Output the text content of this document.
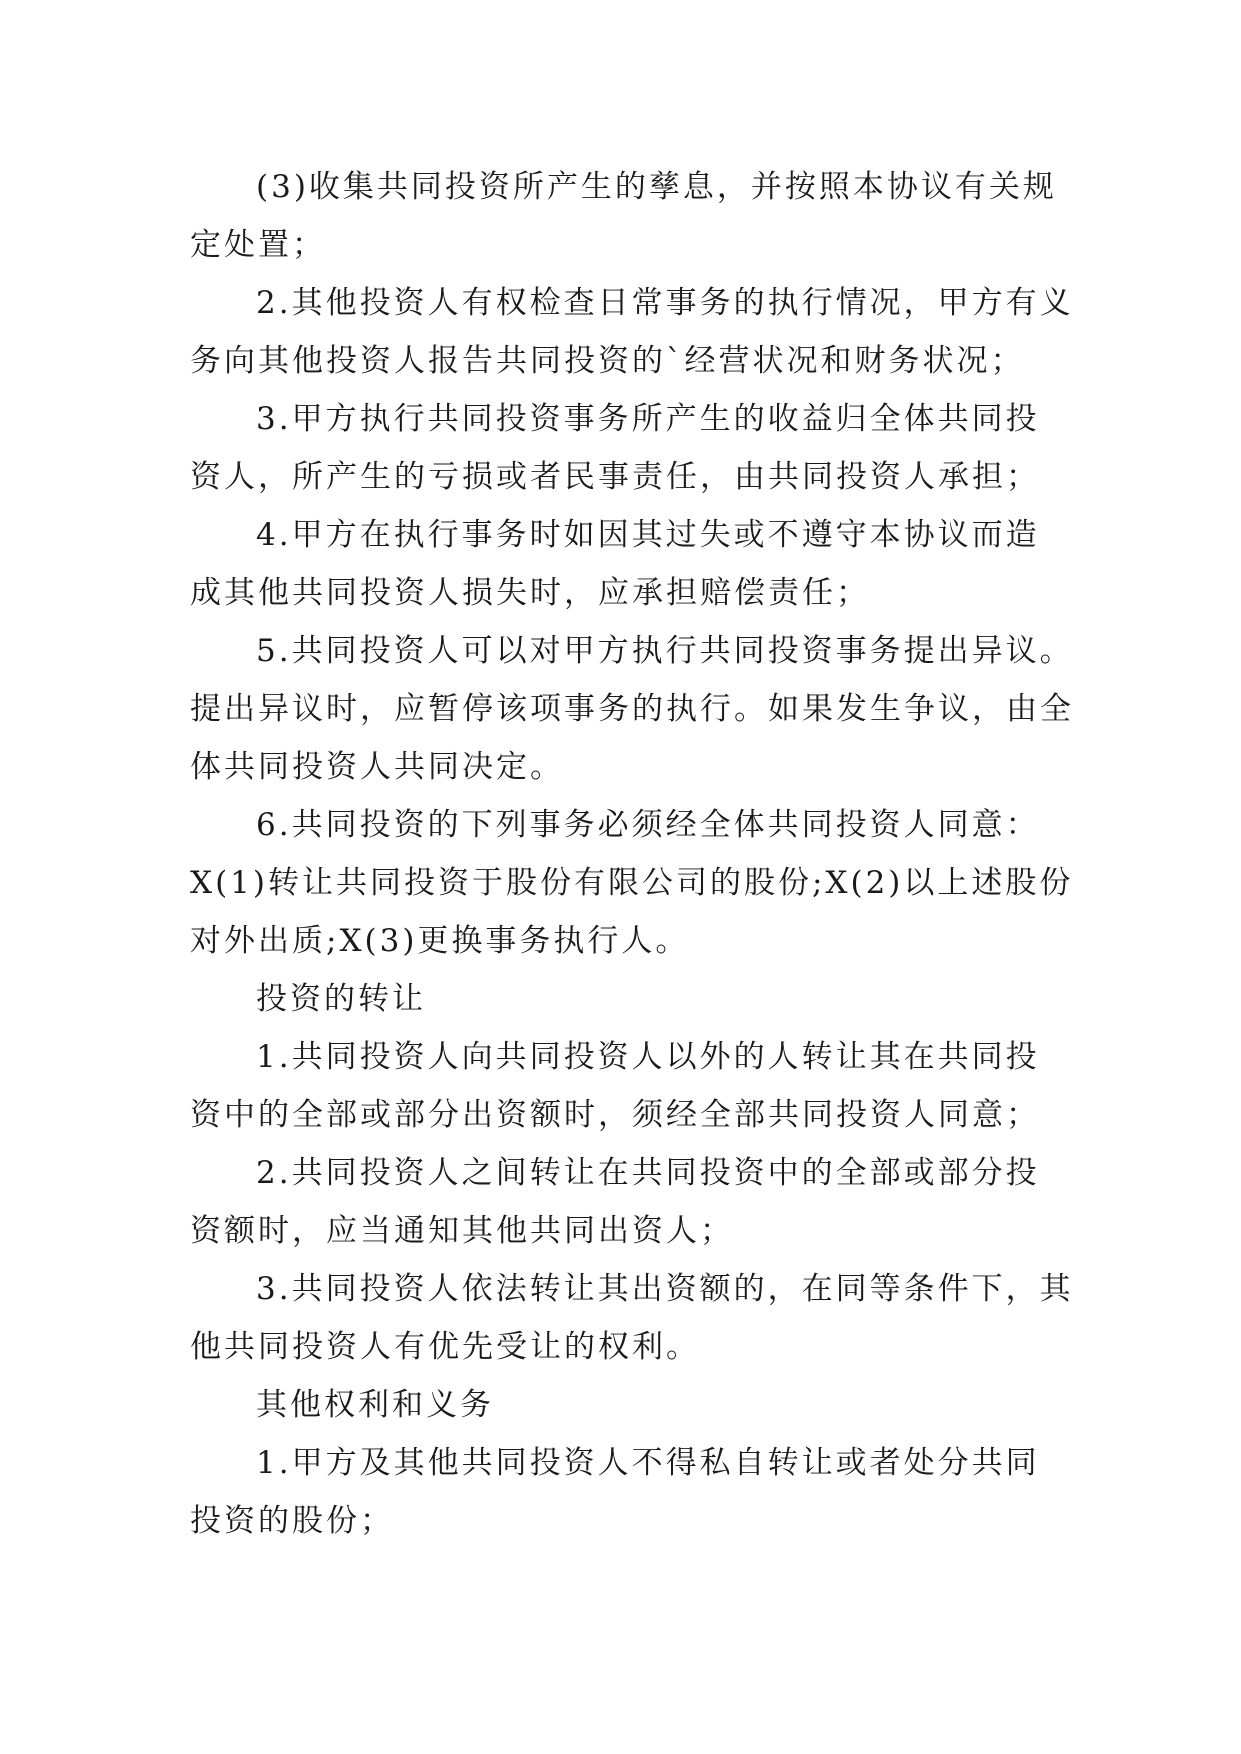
(3)收集共同投资所产生的孳息，并按照本协议有关规
定处置；
2.其他投资人有权检查日常事务的执行情况，甲方有义
务向其他投资人报告共同投资的`经营状况和财务状况；
3.甲方执行共同投资事务所产生的收益归全体共同投
资人，所产生的亏损或者民事责任，由共同投资人承担；
4.甲方在执行事务时如因其过失或不遵守本协议而造
成其他共同投资人损失时，应承担赔偿责任；
5.共同投资人可以对甲方执行共同投资事务提出异议。
提出异议时，应暂停该项事务的执行。如果发生争议，由全
体共同投资人共同决定。
6.共同投资的下列事务必须经全体共同投资人同意：
X(1)转让共同投资于股份有限公司的股份;X(2)以上述股份
对外出质;X(3)更换事务执行人。
投资的转让
1.共同投资人向共同投资人以外的人转让其在共同投
资中的全部或部分出资额时，须经全部共同投资人同意；
2.共同投资人之间转让在共同投资中的全部或部分投
资额时，应当通知其他共同出资人；
3.共同投资人依法转让其出资额的，在同等条件下，其
他共同投资人有优先受让的权利。
其他权利和义务
1.甲方及其他共同投资人不得私自转让或者处分共同
投资的股份；
